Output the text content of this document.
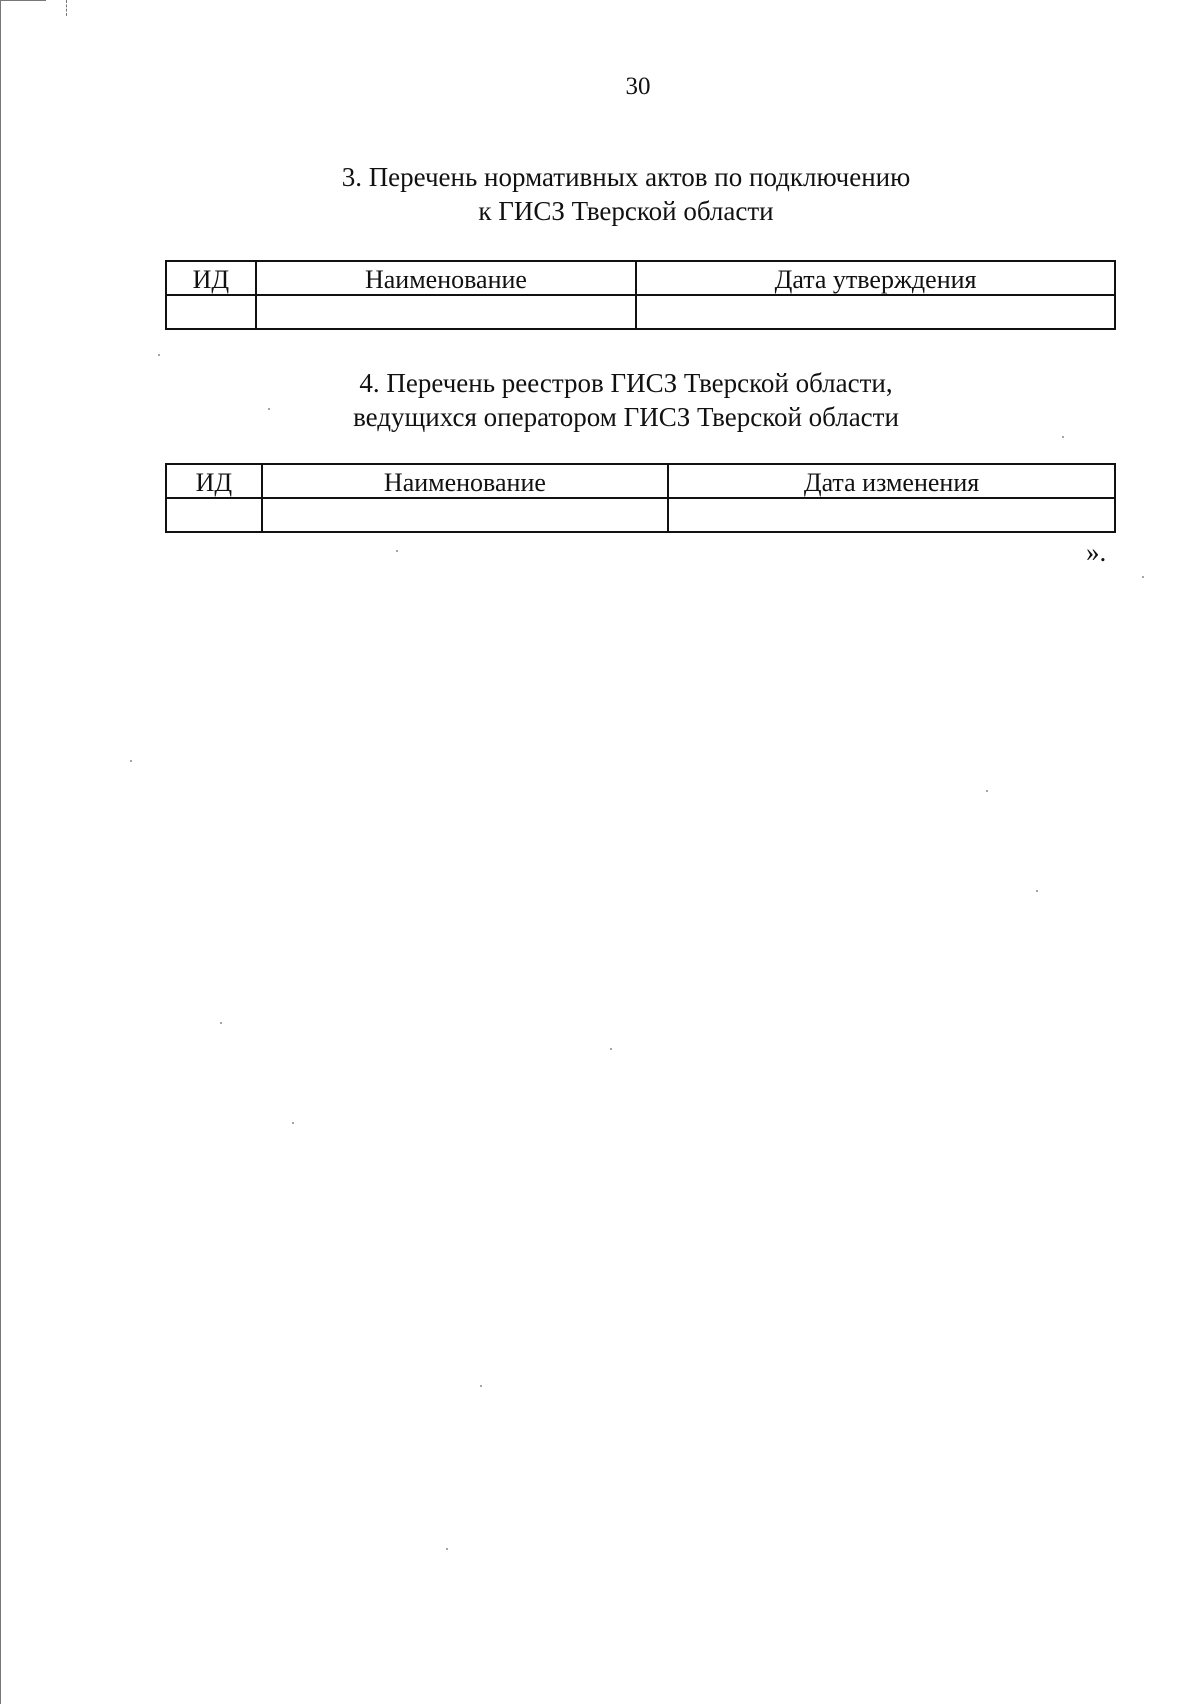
30
3. Перечень нормативных актов по подключению
к ГИСЗ Тверской области
ИД	Наименование	Дата утверждения

4. Перечень реестров ГИСЗ Тверской области,
ведущихся оператором ГИСЗ Тверской области
ИД	Наименование	Дата изменения

».
